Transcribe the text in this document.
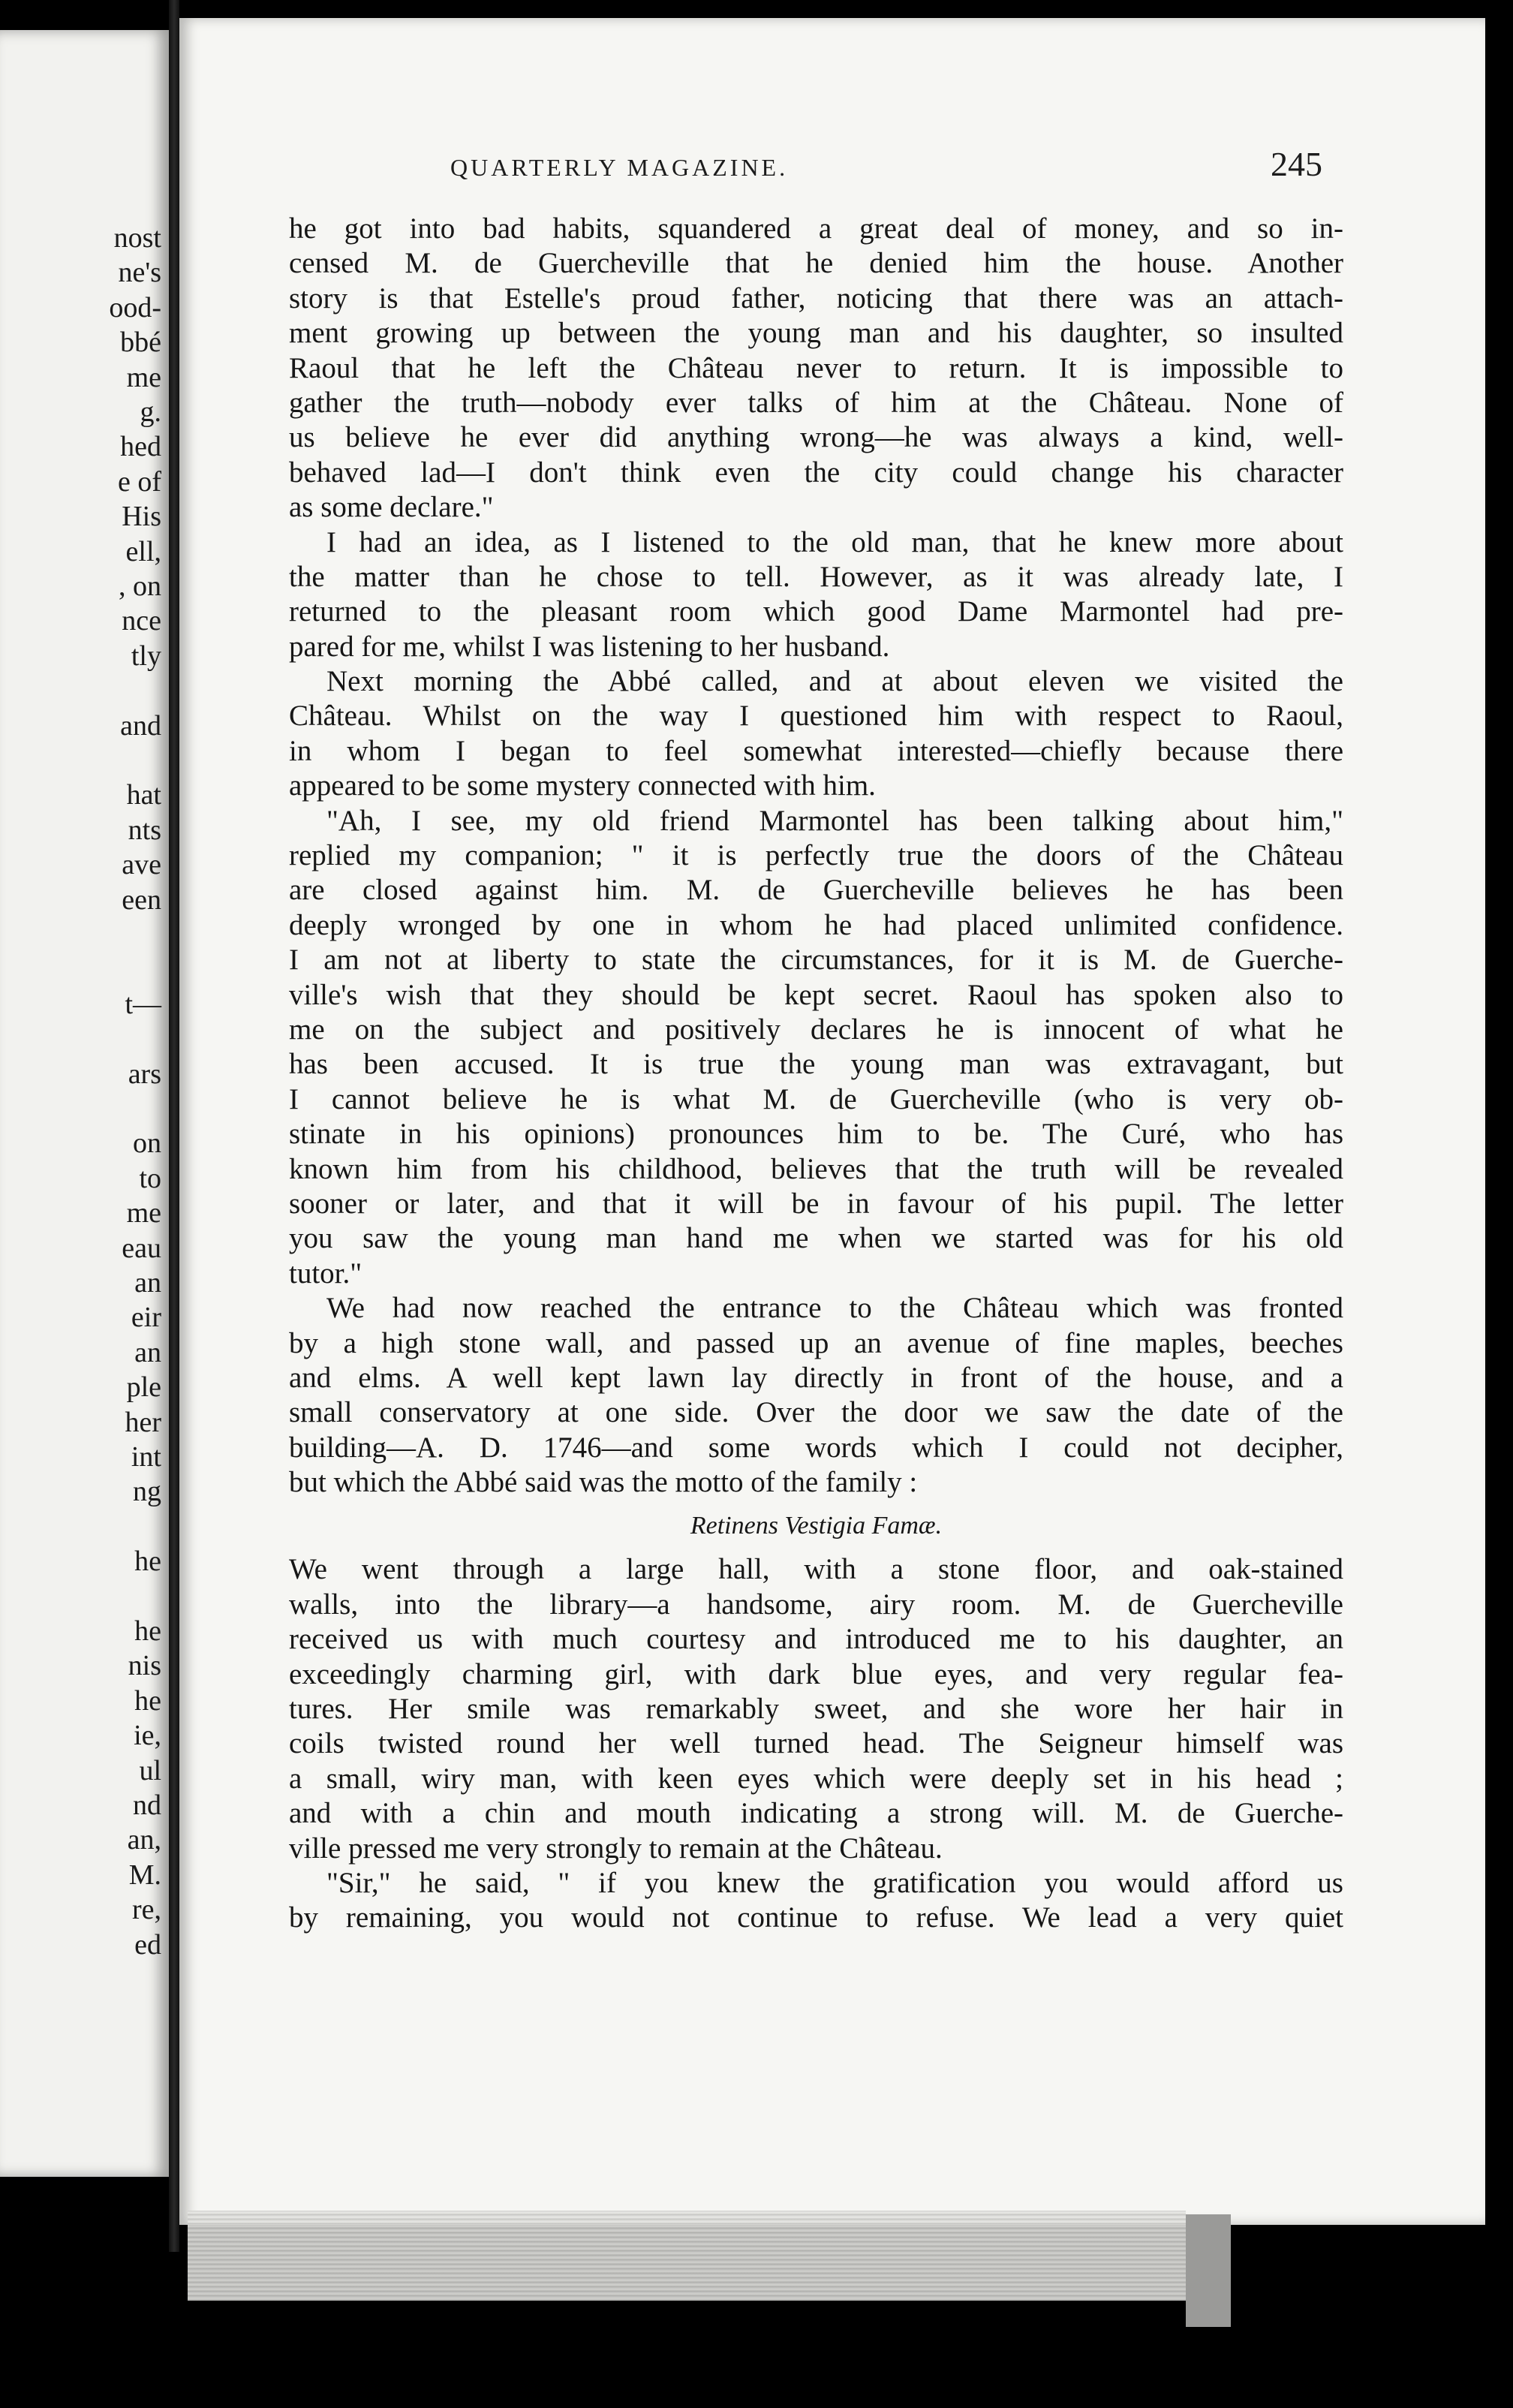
nost
ne's
ood-
bbé
me
g.
hed
e of
His
ell,
, on
nce
tly
and
hat
nts
ave
een
t—
ars
on
to
me
eau
an
eir
an
ple
her
int
ng
he
he
nis
he
ie,
ul
nd
an,
M.
re,
ed
QUARTERLY MAGAZINE.	245
he got into bad habits, squandered a great deal of money, and so in-
censed M. de Guercheville that he denied him the house. Another
story is that Estelle's proud father, noticing that there was an attach-
ment growing up between the young man and his daughter, so insulted
Raoul that he left the Château never to return. It is impossible to
gather the truth—nobody ever talks of him at the Château. None of
us believe he ever did anything wrong—he was always a kind, well-
behaved lad—I don't think even the city could change his character
as some declare."
I had an idea, as I listened to the old man, that he knew more about
the matter than he chose to tell. However, as it was already late, I
returned to the pleasant room which good Dame Marmontel had pre-
pared for me, whilst I was listening to her husband.
Next morning the Abbé called, and at about eleven we visited the
Château. Whilst on the way I questioned him with respect to Raoul,
in whom I began to feel somewhat interested—chiefly because there
appeared to be some mystery connected with him.
"Ah, I see, my old friend Marmontel has been talking about him,"
replied my companion; " it is perfectly true the doors of the Château
are closed against him. M. de Guercheville believes he has been
deeply wronged by one in whom he had placed unlimited confidence.
I am not at liberty to state the circumstances, for it is M. de Guerche-
ville's wish that they should be kept secret. Raoul has spoken also to
me on the subject and positively declares he is innocent of what he
has been accused. It is true the young man was extravagant, but
I cannot believe he is what M. de Guercheville (who is very ob-
stinate in his opinions) pronounces him to be. The Curé, who has
known him from his childhood, believes that the truth will be revealed
sooner or later, and that it will be in favour of his pupil. The letter
you saw the young man hand me when we started was for his old
tutor."
We had now reached the entrance to the Château which was fronted
by a high stone wall, and passed up an avenue of fine maples, beeches
and elms. A well kept lawn lay directly in front of the house, and a
small conservatory at one side. Over the door we saw the date of the
building—A. D. 1746—and some words which I could not decipher,
but which the Abbé said was the motto of the family :
Retinens Vestigia Famæ.
We went through a large hall, with a stone floor, and oak-stained
walls, into the library—a handsome, airy room. M. de Guercheville
received us with much courtesy and introduced me to his daughter, an
exceedingly charming girl, with dark blue eyes, and very regular fea-
tures. Her smile was remarkably sweet, and she wore her hair in
coils twisted round her well turned head. The Seigneur himself was
a small, wiry man, with keen eyes which were deeply set in his head ;
and with a chin and mouth indicating a strong will. M. de Guerche-
ville pressed me very strongly to remain at the Château.
"Sir," he said, " if you knew the gratification you would afford us
by remaining, you would not continue to refuse. We lead a very quiet
